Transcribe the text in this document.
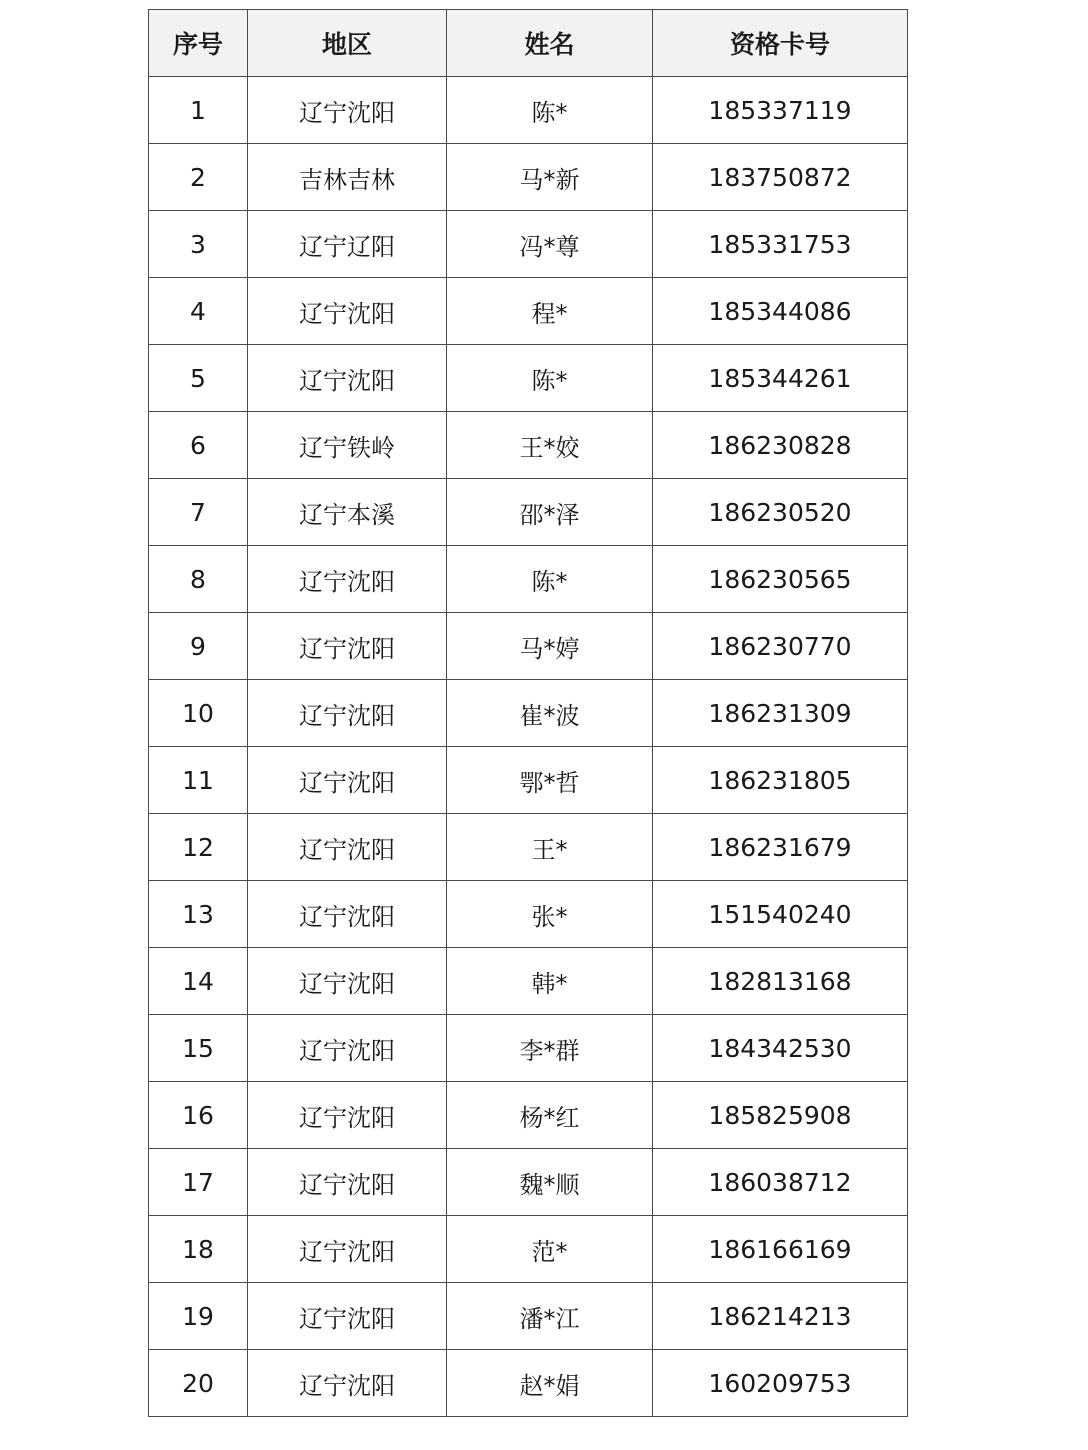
序号	地区	姓名	资格卡号
1	辽宁沈阳	陈*	185337119
2	吉林吉林	马*新	183750872
3	辽宁辽阳	冯*尊	185331753
4	辽宁沈阳	程*	185344086
5	辽宁沈阳	陈*	185344261
6	辽宁铁岭	王*姣	186230828
7	辽宁本溪	邵*泽	186230520
8	辽宁沈阳	陈*	186230565
9	辽宁沈阳	马*婷	186230770
10	辽宁沈阳	崔*波	186231309
11	辽宁沈阳	鄂*哲	186231805
12	辽宁沈阳	王*	186231679
13	辽宁沈阳	张*	151540240
14	辽宁沈阳	韩*	182813168
15	辽宁沈阳	李*群	184342530
16	辽宁沈阳	杨*红	185825908
17	辽宁沈阳	魏*顺	186038712
18	辽宁沈阳	范*	186166169
19	辽宁沈阳	潘*江	186214213
20	辽宁沈阳	赵*娟	160209753
